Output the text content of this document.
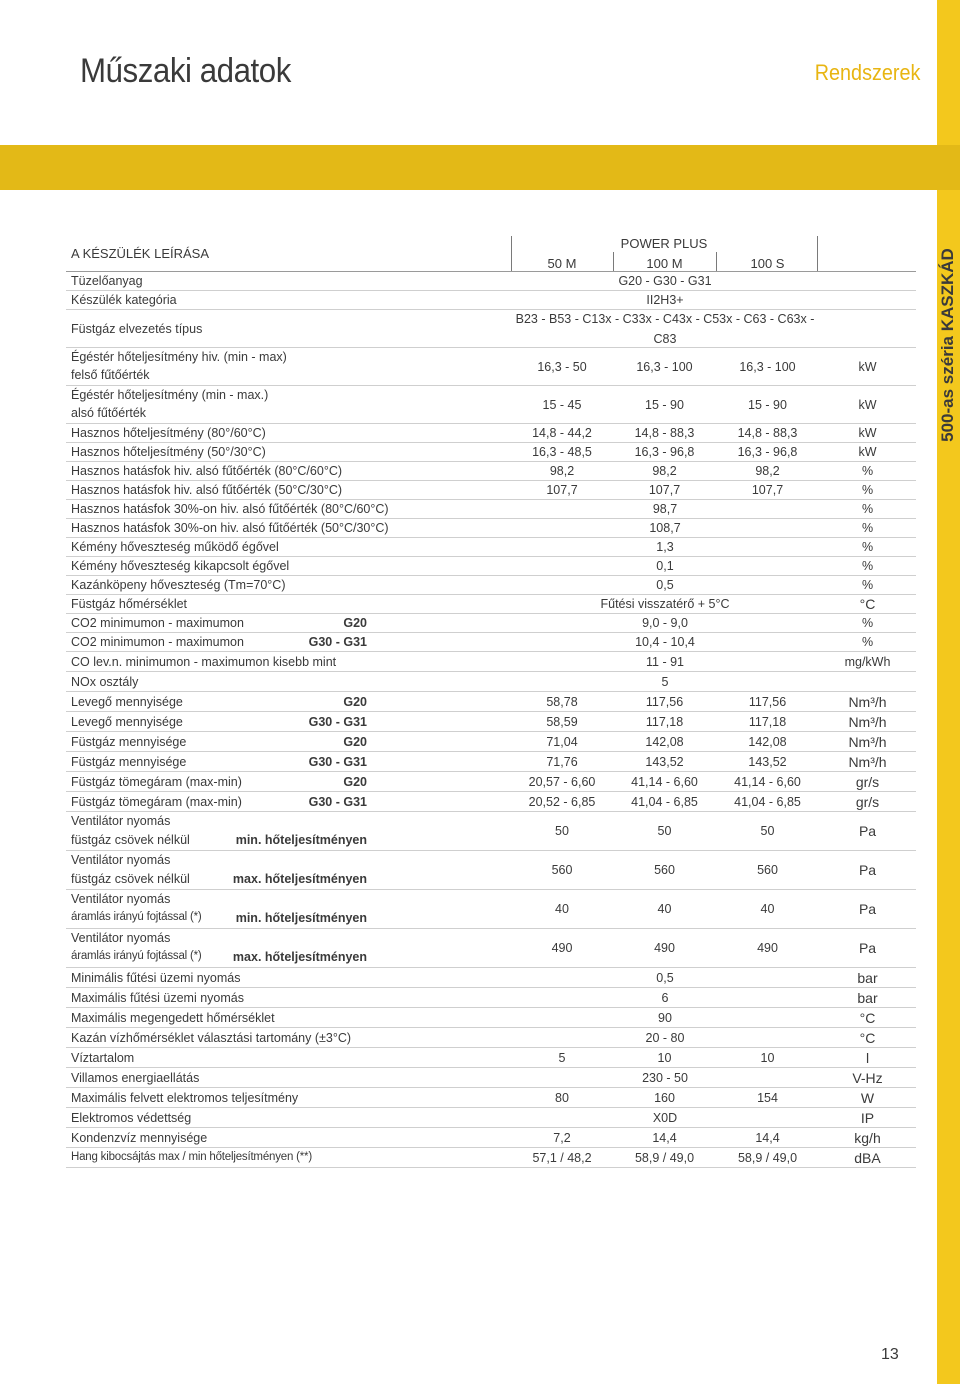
500-as széria KASZKÁD
Műszaki adatok	Rendszerek
A KÉSZÜLÉK LEÍRÁSA
POWER PLUS
50 M	100 M	100 S
Tüzelőanyag	G20 - G30 - G31
Készülék kategória	II2H3+
Füstgáz elvezetés típus
B23 - B53 - C13x - C33x - C43x - C53x - C63 - C63x - C83
Égéstér hőteljesítmény hiv. (min - max)
felső fűtőérték
16,3 - 50	16,3 - 100	16,3 - 100	kW
Égéstér hőteljesítmény (min - max.)
alsó fűtőérték
15 - 45	15 - 90	15 - 90	kW
Hasznos hőteljesítmény (80°/60°C)	14,8 - 44,2	14,8 - 88,3	14,8 - 88,3	kW
Hasznos hőteljesítmény (50°/30°C)	16,3 - 48,5	16,3 - 96,8	16,3 - 96,8	kW
Hasznos hatásfok hiv. alsó fűtőérték (80°C/60°C)	98,2	98,2	98,2	%
Hasznos hatásfok hiv. alsó fűtőérték (50°C/30°C)	107,7	107,7	107,7	%
Hasznos hatásfok 30%-on hiv. alsó fűtőérték (80°C/60°C)	98,7	%
Hasznos hatásfok 30%-on hiv. alsó fűtőérték (50°C/30°C)	108,7	%
Kémény hőveszteség működő égővel	1,3	%
Kémény hőveszteség kikapcsolt égővel	0,1	%
Kazánköpeny hőveszteség (Tm=70°C)	0,5	%
Füstgáz hőmérséklet	Fűtési visszatérő + 5°C	°C
CO2 minimumon - maximumon	G20	9,0 - 9,0	%
CO2 minimumon - maximumon	G30 - G31	10,4 - 10,4	%
CO lev.n. minimumon - maximumon kisebb mint	11 - 91	mg/kWh
NOx osztály	5
Levegő mennyisége	G20	58,78	117,56	117,56	Nm³/h
Levegő mennyisége	G30 - G31	58,59	117,18	117,18	Nm³/h
Füstgáz mennyisége	G20	71,04	142,08	142,08	Nm³/h
Füstgáz mennyisége	G30 - G31	71,76	143,52	143,52	Nm³/h
Füstgáz tömegáram (max-min)	G20	20,57 - 6,60	41,14 - 6,60	41,14 - 6,60	gr/s
Füstgáz tömegáram (max-min)	G30 - G31	20,52 - 6,85	41,04 - 6,85	41,04 - 6,85	gr/s
Ventilátor nyomás
füstgáz csövek nélkül	min. hőteljesítményen
50	50	50	Pa
Ventilátor nyomás
füstgáz csövek nélkül	max. hőteljesítményen
560	560	560	Pa
Ventilátor nyomás
áramlás irányú fojtással (*)	min. hőteljesítményen
40	40	40	Pa
Ventilátor nyomás
áramlás irányú fojtással (*)	max. hőteljesítményen
490	490	490	Pa
Minimális fűtési üzemi nyomás	0,5	bar
Maximális fűtési üzemi nyomás	6	bar
Maximális megengedett hőmérséklet	90	°C
Kazán vízhőmérséklet választási tartomány (±3°C)	20 - 80	°C
Víztartalom	5	10	10	l
Villamos energiaellátás	230 - 50	V-Hz
Maximális felvett elektromos teljesítmény	80	160	154	W
Elektromos védettség	X0D	IP
Kondenzvíz mennyisége	7,2	14,4	14,4	kg/h
Hang kibocsájtás max / min hőteljesítményen (**)	57,1 / 48,2	58,9 / 49,0	58,9 / 49,0	dBA
13
